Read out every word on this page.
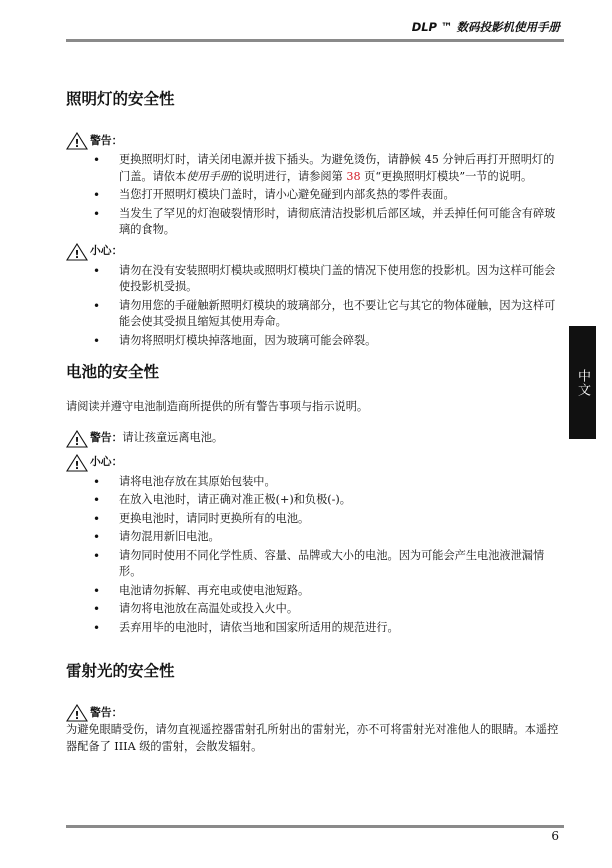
DLP ™ 数码投影机使用手册
中文
照明灯的安全性
! 警告：
• 更换照明灯时，请关闭电源并拔下插头。为避免烫伤，请静候 45 分钟后再打开照明灯的门盖。请依本使用手册的说明进行，请参阅第 38 页“更换照明灯模块”一节的说明。
• 当您打开照明灯模块门盖时，请小心避免碰到内部炙热的零件表面。
• 当发生了罕见的灯泡破裂情形时，请彻底清洁投影机后部区域，并丢掉任何可能含有碎玻璃的食物。
! 小心：
• 请勿在没有安装照明灯模块或照明灯模块门盖的情况下使用您的投影机。因为这样可能会使投影机受损。
• 请勿用您的手碰触新照明灯模块的玻璃部分，也不要让它与其它的物体碰触，因为这样可能会使其受损且缩短其使用寿命。
• 请勿将照明灯模块掉落地面，因为玻璃可能会碎裂。
电池的安全性

请阅读并遵守电池制造商所提供的所有警告事项与指示说明。

! 警告： 请让孩童远离电池。
! 小心：
• 请将电池存放在其原始包装中。
• 在放入电池时，请正确对准正极(+)和负极(-)。
• 更换电池时，请同时更换所有的电池。
• 请勿混用新旧电池。
• 请勿同时使用不同化学性质、容量、品牌或大小的电池。因为可能会产生电池液泄漏情形。
• 电池请勿拆解、再充电或使电池短路。
• 请勿将电池放在高温处或投入火中。
• 丢弃用毕的电池时，请依当地和国家所适用的规范进行。
雷射光的安全性
! 警告：

为避免眼睛受伤，请勿直视遥控器雷射孔所射出的雷射光，亦不可将雷射光对准他人的眼睛。本遥控器配备了 IIIA 级的雷射，会散发辐射。

6
